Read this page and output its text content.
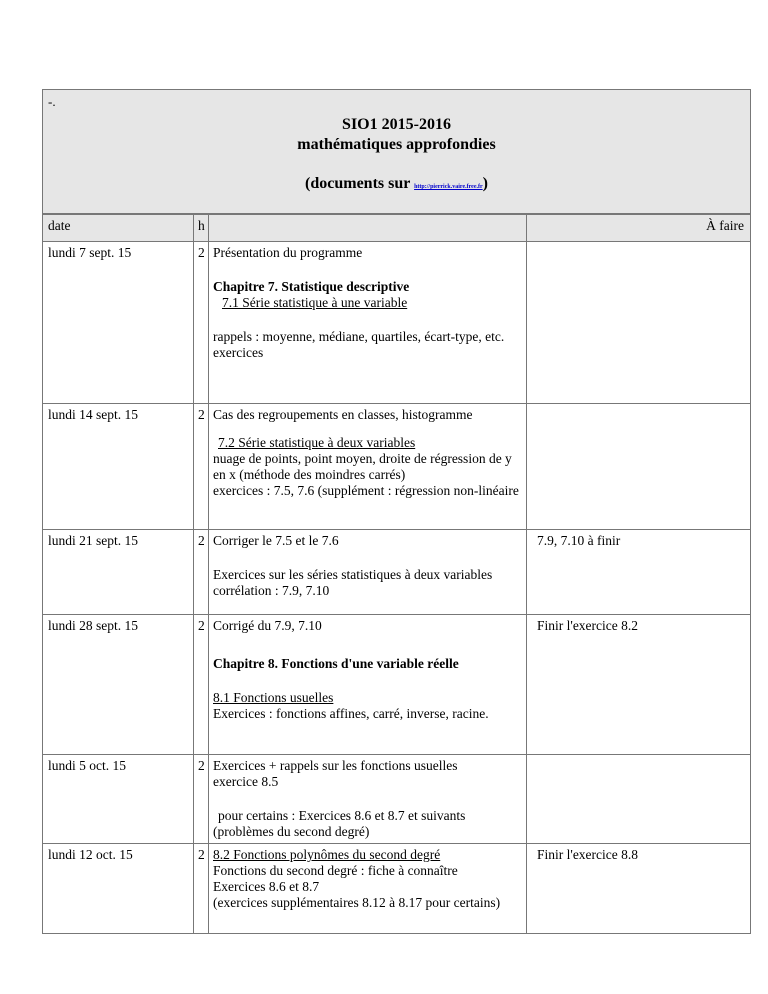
-.
SIO1 2015-2016
mathématiques approfondies
(documents sur http://pierrick.vaire.free.fr)
date	h		À faire
lundi 7 sept. 15	2	Présentation du programme
Chapitre 7. Statistique descriptive
7.1 Série statistique à une variable
rappels : moyenne, médiane, quartiles, écart-type, etc.
exercices	

lundi 14 sept. 15	2	Cas des regroupements en classes, histogramme
7.2 Série statistique à deux variables
nuage de points, point moyen, droite de régression de y en x (méthode des moindres carrés)
exercices : 7.5, 7.6 (supplément : régression non-linéaire	

lundi 21 sept. 15	2	Corriger le 7.5 et le 7.6
Exercices sur les séries statistiques à deux variables
corrélation : 7.9, 7.10	7.9, 7.10 à finir
lundi 28 sept. 15	2	Corrigé du 7.9, 7.10
Chapitre 8. Fonctions d'une variable réelle
8.1 Fonctions usuelles
Exercices : fonctions affines, carré, inverse, racine.	Finir l'exercice 8.2
lundi 5 oct. 15	2	Exercices + rappels sur les fonctions usuelles
exercice 8.5
pour certains : Exercices 8.6 et 8.7 et suivants
(problèmes du second degré)	

lundi 12 oct. 15	2	8.2 Fonctions polynômes du second degré
Fonctions du second degré : fiche à connaître
Exercices 8.6 et 8.7
(exercices supplémentaires 8.12 à 8.17 pour certains)	Finir l'exercice 8.8
